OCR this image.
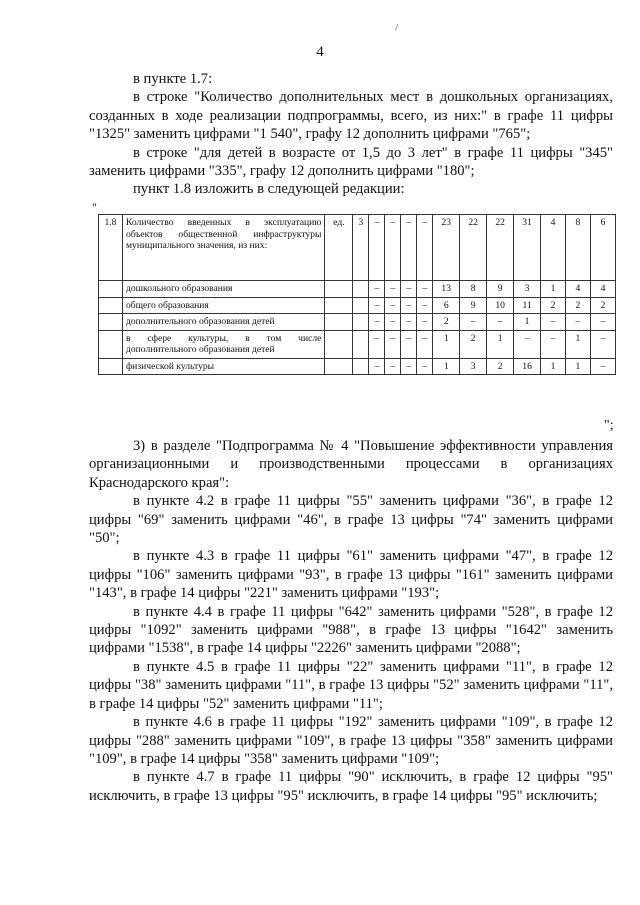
/
4

в пункте 1.7:

в строке "Количество дополнительных мест в дошкольных организациях, созданных в ходе реализации подпрограммы, всего, из них:" в графе 11 цифры "1325" заменить цифрами "1 540", графу 12 дополнить цифрами "765";

в строке "для детей в возрасте от 1,5 до 3 лет" в графе 11 цифры "345" заменить цифрами "335", графу 12 дополнить цифрами "180";

пункт 1.8 изложить в следующей редакции:

"
1.8	Количество введенных в эксплуатацию объектов общественной инфраструктуры муниципального значения, из них:	ед.	3	–	–	–	–	23	22	22	31	4	8	6
	дошкольного образования			–	–	–	–	13	8	9	3	1	4	4
	общего образования			–	–	–	–	6	9	10	11	2	2	2
	дополнительного образования детей			–	–	–	–	2	–	–	1	–	–	–
	в сфере культуры, в том числе дополнительного образования детей			–	–	–	–	1	2	1	–	–	1	–
	физической культуры			–	–	–	–	1	3	2	16	1	1	–
";

3) в разделе "Подпрограмма № 4 "Повышение эффективности управления организационными и производственными процессами в организациях Краснодарского края":

в пункте 4.2 в графе 11 цифры "55" заменить цифрами "36", в графе 12 цифры "69" заменить цифрами "46", в графе 13 цифры "74" заменить цифрами "50";

в пункте 4.3 в графе 11 цифры "61" заменить цифрами "47", в графе 12 цифры "106" заменить цифрами "93", в графе 13 цифры "161" заменить цифрами "143", в графе 14 цифры "221" заменить цифрами "193";

в пункте 4.4 в графе 11 цифры "642" заменить цифрами "528", в графе 12 цифры "1092" заменить цифрами "988", в графе 13 цифры "1642" заменить цифрами "1538", в графе 14 цифры "2226" заменить цифрами "2088";

в пункте 4.5 в графе 11 цифры "22" заменить цифрами "11", в графе 12 цифры "38" заменить цифрами "11", в графе 13 цифры "52" заменить цифрами "11", в графе 14 цифры "52" заменить цифрами "11";

в пункте 4.6 в графе 11 цифры "192" заменить цифрами "109", в графе 12 цифры "288" заменить цифрами "109", в графе 13 цифры "358" заменить цифрами "109", в графе 14 цифры "358" заменить цифрами "109";

в пункте 4.7 в графе 11 цифры "90" исключить, в графе 12 цифры "95" исключить, в графе 13 цифры "95" исключить, в графе 14 цифры "95" исключить;
